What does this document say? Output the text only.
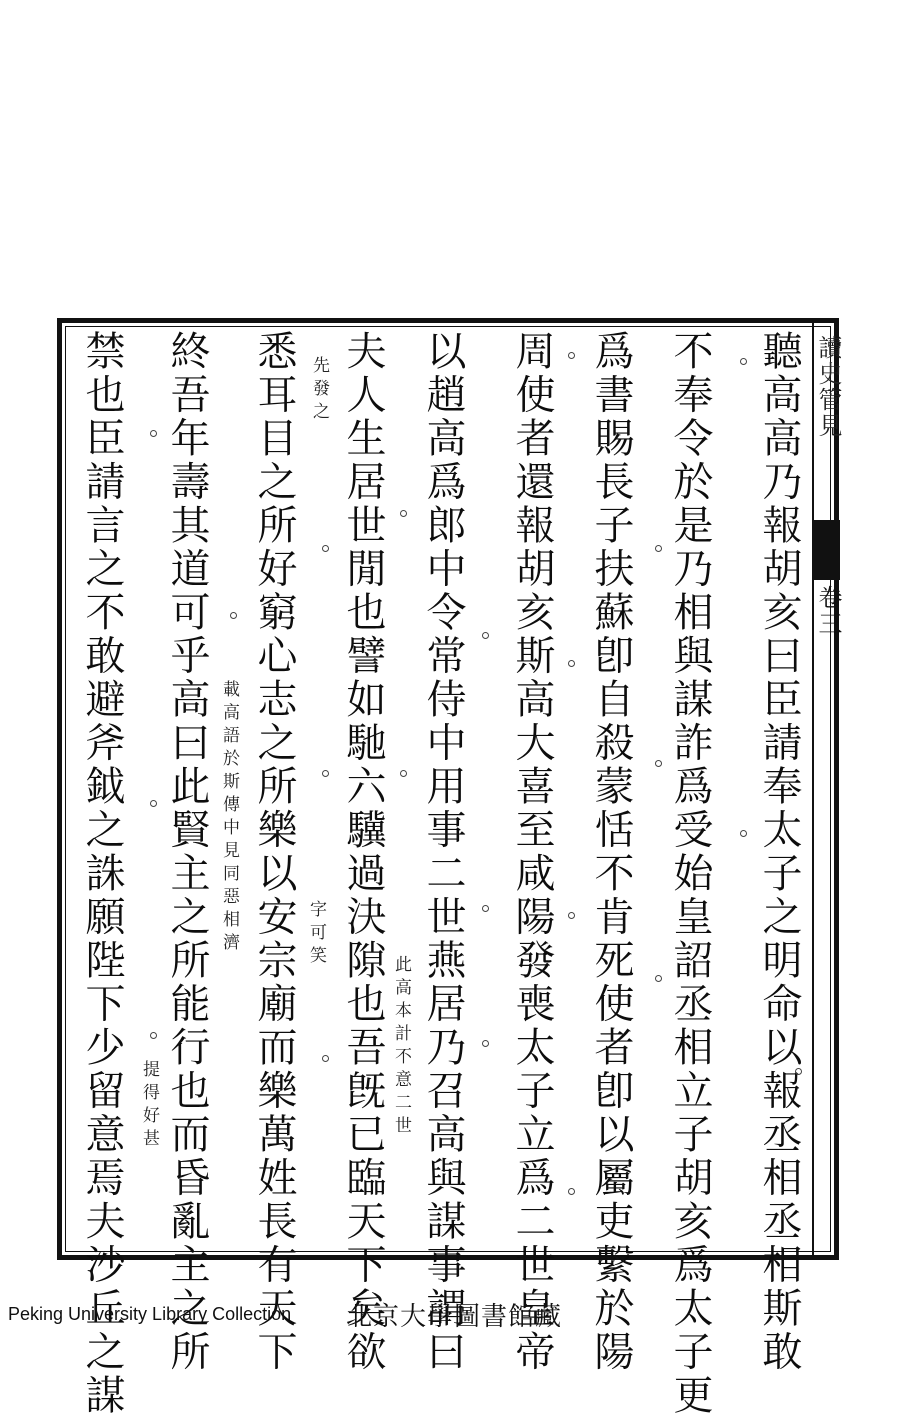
讀史管見
卷三
聽高高乃報胡亥曰臣請奉太子之明命以報丞相丞相斯敢
不奉令於是乃相與謀詐爲受始皇詔丞相立子胡亥爲太子更
爲書賜長子扶蘇卽自殺蒙恬不肯死使者卽以屬吏繫於陽
周使者還報胡亥斯高大喜至咸陽發喪太子立爲二世皇帝
以趙高爲郎中令常侍中用事二世燕居乃召高與謀事謂曰
夫人生居世閒也譬如馳六驥過決隙也吾旣已臨天下矣欲
悉耳目之所好窮心志之所樂以安宗廟而樂萬姓長有天下
終吾年壽其道可乎高曰此賢主之所能行也而昏亂主之所
禁也臣請言之不敢避斧鉞之誅願陛下少留意焉夫沙丘之謀	先發之
載高語於斯傳中見同惡相濟	字可笑
此高本計不意二世
提得好甚
Peking University Library Collection 北京大學圖書館藏
